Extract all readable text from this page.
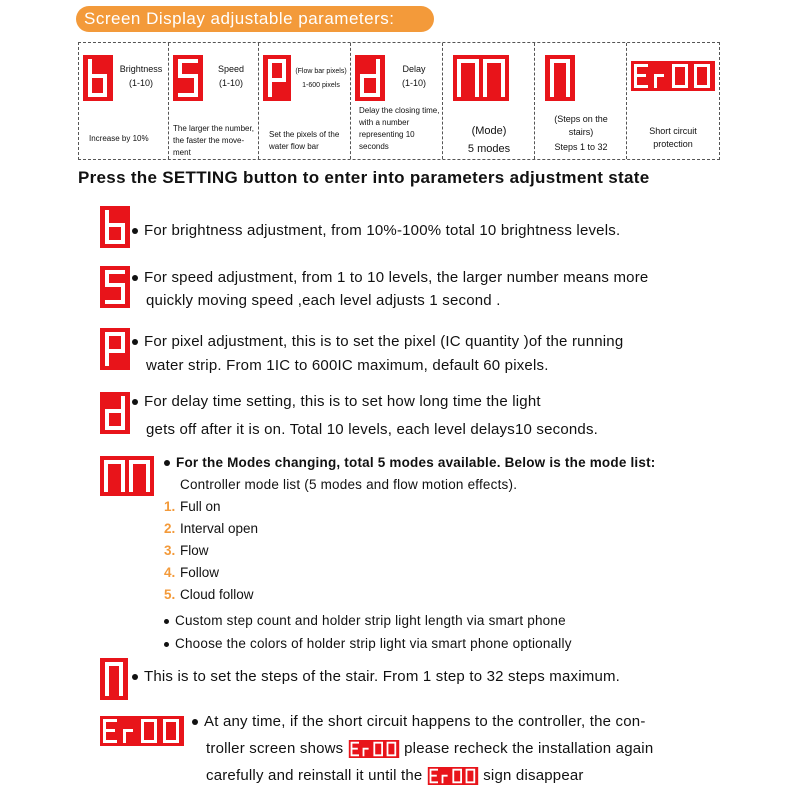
Screen Display adjustable parameters:
Brightness
(1-10)
Increase by 10%
Speed
(1-10)
The larger the number, the faster the move- ment
(Flow bar pixels)
1-600 pixels
Set the pixels of the water flow bar
Delay
(1-10)
Delay the closing time, with a number representing 10 seconds
(Mode)
5 modes
(Steps on the stairs)
Steps 1 to 32
Short circuit protection
Press the SETTING button to enter into parameters adjustment state
For brightness adjustment, from 10%-100% total 10 brightness levels.
For speed adjustment, from 1 to 10 levels, the larger number means more
quickly moving speed ,each level adjusts 1 second .
For pixel adjustment, this is to set the pixel (IC quantity )of the running
water strip. From 1IC to 600IC maximum, default 60 pixels.
For delay time setting, this is to set how long time the light
gets off after it is on. Total 10 levels, each level delays10 seconds.
For the Modes changing, total 5 modes available. Below is the mode list:
Controller mode list (5 modes and flow motion effects).
1. Full on
2. Interval open
3. Flow
4. Follow
5. Cloud follow
Custom step count and holder strip light length via smart phone
Choose the colors of holder strip light via smart phone optionally
This is to set the steps of the stair. From 1 step to 32 steps maximum.
At any time, if the short circuit happens to the controller, the con-
troller screen shows	please recheck the installation again
carefully and reinstall it until the	sign disappear
